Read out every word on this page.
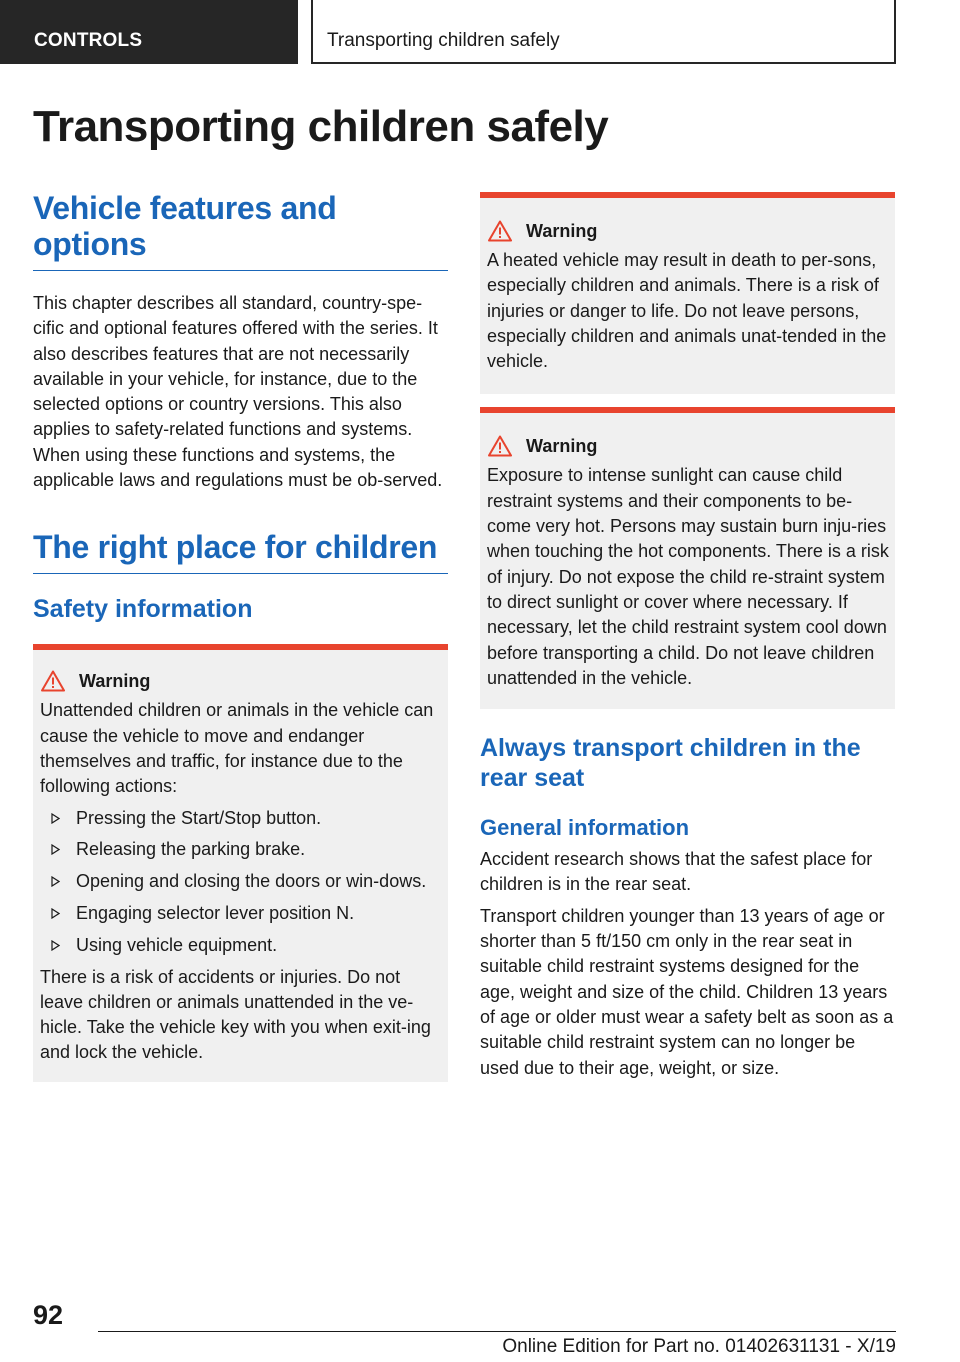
CONTROLS	Transporting children safely
Transporting children safely
Vehicle features and options

This chapter describes all standard, country-spe-cific and optional features offered with the series. It also describes features that are not necessarily available in your vehicle, for instance, due to the selected options or country versions. This also applies to safety-related functions and systems. When using these functions and systems, the applicable laws and regulations must be ob-served.

The right place for children
Safety information
Warning

Unattended children or animals in the vehicle can cause the vehicle to move and endanger themselves and traffic, for instance due to the following actions:

Pressing the Start/Stop button.
Releasing the parking brake.
Opening and closing the doors or win-dows.
Engaging selector lever position N.
Using vehicle equipment.

There is a risk of accidents or injuries. Do not leave children or animals unattended in the ve-hicle. Take the vehicle key with you when exit-ing and lock the vehicle.

Warning

A heated vehicle may result in death to per-sons, especially children and animals. There is a risk of injuries or danger to life. Do not leave persons, especially children and animals unat-tended in the vehicle.

Warning

Exposure to intense sunlight can cause child restraint systems and their components to be-come very hot. Persons may sustain burn inju-ries when touching the hot components. There is a risk of injury. Do not expose the child re-straint system to direct sunlight or cover where necessary. If necessary, let the child restraint system cool down before transporting a child. Do not leave children unattended in the vehicle.

Always transport children in the rear seat
General information

Accident research shows that the safest place for children is in the rear seat.

Transport children younger than 13 years of age or shorter than 5 ft/150 cm only in the rear seat in suitable child restraint systems designed for the age, weight and size of the child. Children 13 years of age or older must wear a safety belt as soon as a suitable child restraint system can no longer be used due to their age, weight, or size.

92
Online Edition for Part no. 01402631131 - X/19
